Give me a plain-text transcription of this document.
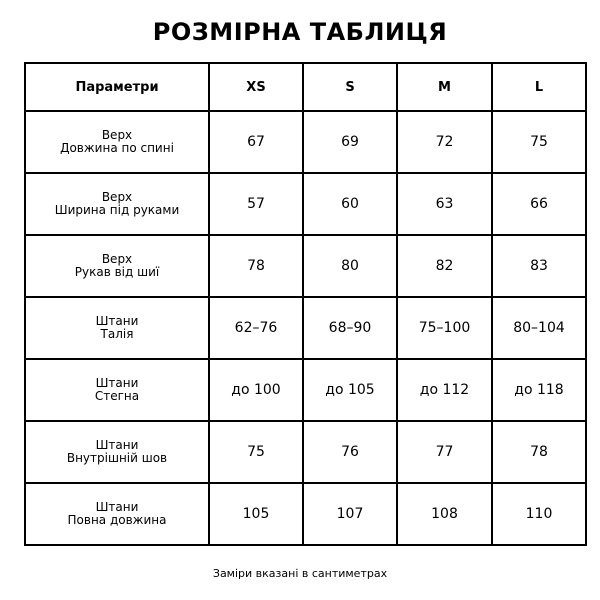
РОЗМІРНА ТАБЛИЦЯ
Параметри	XS	S	M	L

Верх
Довжина по спині	67	69	72	75

Верх
Ширина під руками	57	60	63	66

Верх
Рукав від шиї	78	80	82	83

Штани
Талія	62–76	68–90	75–100	80–104

Штани
Стегна	до 100	до 105	до 112	до 118

Штани
Внутрішній шов	75	76	77	78

Штани
Повна довжина	105	107	108	110
Заміри вказані в сантиметрах
